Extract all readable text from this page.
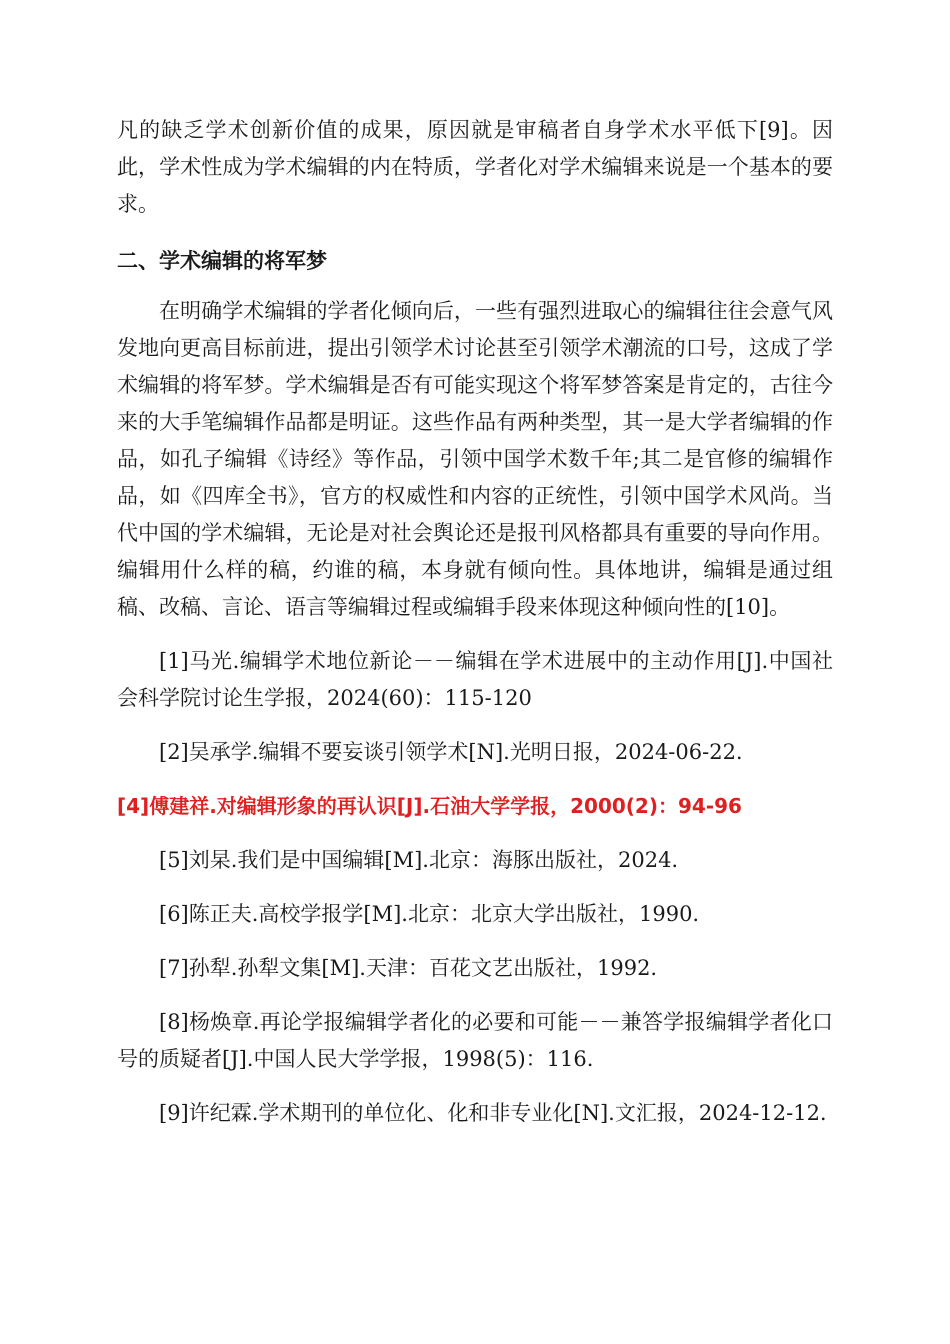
凡的缺乏学术创新价值的成果，原因就是审稿者自身学术水平低下[9]。因此，学术性成为学术编辑的内在特质，学者化对学术编辑来说是一个基本的要求。

二、学术编辑的将军梦

在明确学术编辑的学者化倾向后，一些有强烈进取心的编辑往往会意气风发地向更高目标前进，提出引领学术讨论甚至引领学术潮流的口号，这成了学术编辑的将军梦。学术编辑是否有可能实现这个将军梦答案是肯定的，古往今来的大手笔编辑作品都是明证。这些作品有两种类型，其一是大学者编辑的作品，如孔子编辑《诗经》等作品，引领中国学术数千年;其二是官修的编辑作品，如《四库全书》，官方的权威性和内容的正统性，引领中国学术风尚。当代中国的学术编辑，无论是对社会舆论还是报刊风格都具有重要的导向作用。编辑用什么样的稿，约谁的稿，本身就有倾向性。具体地讲，编辑是通过组稿、改稿、言论、语言等编辑过程或编辑手段来体现这种倾向性的[10]。

[1]马光.编辑学术地位新论－－编辑在学术进展中的主动作用[J].中国社会科学院讨论生学报，2024(60)：115-120

[2]吴承学.编辑不要妄谈引领学术[N].光明日报，2024-06-22.

[4]傅建祥.对编辑形象的再认识[J].石油大学学报，2000(2)：94-96

[5]刘杲.我们是中国编辑[M].北京：海豚出版社，2024.

[6]陈正夫.高校学报学[M].北京：北京大学出版社，1990.

[7]孙犁.孙犁文集[M].天津：百花文艺出版社，1992.

[8]杨焕章.再论学报编辑学者化的必要和可能－－兼答学报编辑学者化口号的质疑者[J].中国人民大学学报，1998(5)：116.

[9]许纪霖.学术期刊的单位化、化和非专业化[N].文汇报，2024-12-12.
